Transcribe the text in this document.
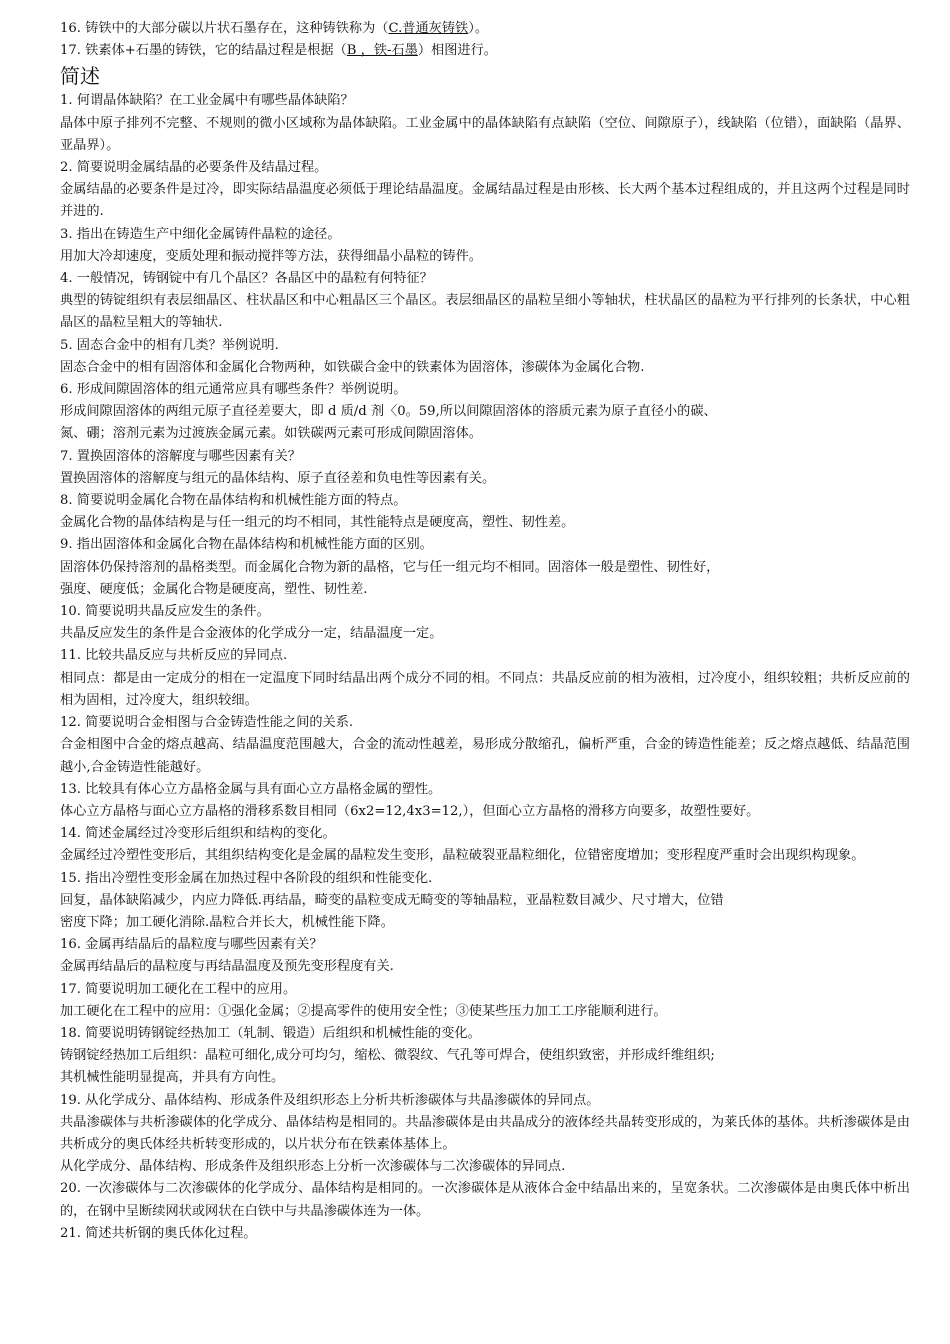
16. 铸铁中的大部分碳以片状石墨存在，这种铸铁称为（C.普通灰铸铁）。
17. 铁素体+石墨的铸铁，它的结晶过程是根据（B ，铁-石墨）相图进行。
简述
1. 何谓晶体缺陷？在工业金属中有哪些晶体缺陷？
晶体中原子排列不完整、不规则的微小区域称为晶体缺陷。工业金属中的晶体缺陷有点缺陷（空位、间隙原子），线缺陷（位错），面缺陷（晶界、亚晶界）。
2. 简要说明金属结晶的必要条件及结晶过程。
金属结晶的必要条件是过冷，即实际结晶温度必须低于理论结晶温度。金属结晶过程是由形核、长大两个基本过程组成的，并且这两个过程是同时并进的.
3. 指出在铸造生产中细化金属铸件晶粒的途径。
用加大冷却速度，变质处理和振动搅拌等方法，获得细晶小晶粒的铸件。
4. 一般情况，铸钢锭中有几个晶区？各晶区中的晶粒有何特征？
典型的铸锭组织有表层细晶区、柱状晶区和中心粗晶区三个晶区。表层细晶区的晶粒呈细小等轴状，柱状晶区的晶粒为平行排列的长条状，中心粗晶区的晶粒呈粗大的等轴状.
5. 固态合金中的相有几类？举例说明.
固态合金中的相有固溶体和金属化合物两种，如铁碳合金中的铁素体为固溶体，渗碳体为金属化合物.
6. 形成间隙固溶体的组元通常应具有哪些条件？举例说明。
形成间隙固溶体的两组元原子直径差要大，即 d 质/d 剂〈0。59,所以间隙固溶体的溶质元素为原子直径小的碳、
氮、硼；溶剂元素为过渡族金属元素。如铁碳两元素可形成间隙固溶体。
7. 置换固溶体的溶解度与哪些因素有关？
置换固溶体的溶解度与组元的晶体结构、原子直径差和负电性等因素有关。
8. 简要说明金属化合物在晶体结构和机械性能方面的特点。
金属化合物的晶体结构是与任一组元的均不相同，其性能特点是硬度高，塑性、韧性差。
9. 指出固溶体和金属化合物在晶体结构和机械性能方面的区别。
固溶体仍保持溶剂的晶格类型。而金属化合物为新的晶格，它与任一组元均不相同。固溶体一般是塑性、韧性好，
强度、硬度低；金属化合物是硬度高，塑性、韧性差.
10. 简要说明共晶反应发生的条件。
共晶反应发生的条件是合金液体的化学成分一定，结晶温度一定。
11. 比较共晶反应与共析反应的异同点.
相同点：都是由一定成分的相在一定温度下同时结晶出两个成分不同的相。不同点：共晶反应前的相为液相，过冷度小，组织较粗；共析反应前的相为固相，过冷度大，组织较细。
12. 简要说明合金相图与合金铸造性能之间的关系.
合金相图中合金的熔点越高、结晶温度范围越大，合金的流动性越差，易形成分散缩孔，偏析严重，合金的铸造性能差；反之熔点越低、结晶范围越小,合金铸造性能越好。
13. 比较具有体心立方晶格金属与具有面心立方晶格金属的塑性。
体心立方晶格与面心立方晶格的滑移系数目相同（6x2=12,4x3=12,），但面心立方晶格的滑移方向要多，故塑性要好。
14. 简述金属经过冷变形后组织和结构的变化。
金属经过冷塑性变形后，其组织结构变化是金属的晶粒发生变形，晶粒破裂亚晶粒细化，位错密度增加；变形程度严重时会出现织构现象。
15. 指出冷塑性变形金属在加热过程中各阶段的组织和性能变化.
回复，晶体缺陷减少，内应力降低.再结晶，畸变的晶粒变成无畸变的等轴晶粒，亚晶粒数目减少、尺寸增大，位错
密度下降；加工硬化消除.晶粒合并长大，机械性能下降。
16. 金属再结晶后的晶粒度与哪些因素有关？
金属再结晶后的晶粒度与再结晶温度及预先变形程度有关.
17. 简要说明加工硬化在工程中的应用。
加工硬化在工程中的应用：①强化金属；②提高零件的使用安全性；③使某些压力加工工序能顺利进行。
18. 简要说明铸钢锭经热加工（轧制、锻造）后组织和机械性能的变化。
铸钢锭经热加工后组织：晶粒可细化,成分可均匀，缩松、微裂纹、气孔等可焊合，使组织致密，并形成纤维组织;
其机械性能明显提高，并具有方向性。
19. 从化学成分、晶体结构、形成条件及组织形态上分析共析渗碳体与共晶渗碳体的异同点。
共晶渗碳体与共析渗碳体的化学成分、晶体结构是相同的。共晶渗碳体是由共晶成分的液体经共晶转变形成的，为莱氏体的基体。共析渗碳体是由共析成分的奥氏体经共析转变形成的，以片状分布在铁素体基体上。
从化学成分、晶体结构、形成条件及组织形态上分析一次渗碳体与二次渗碳体的异同点.
20. 一次渗碳体与二次渗碳体的化学成分、晶体结构是相同的。一次渗碳体是从液体合金中结晶出来的，呈宽条状。二次渗碳体是由奥氏体中析出的，在钢中呈断续网状或网状在白铁中与共晶渗碳体连为一体。
21. 简述共析钢的奥氏体化过程。
